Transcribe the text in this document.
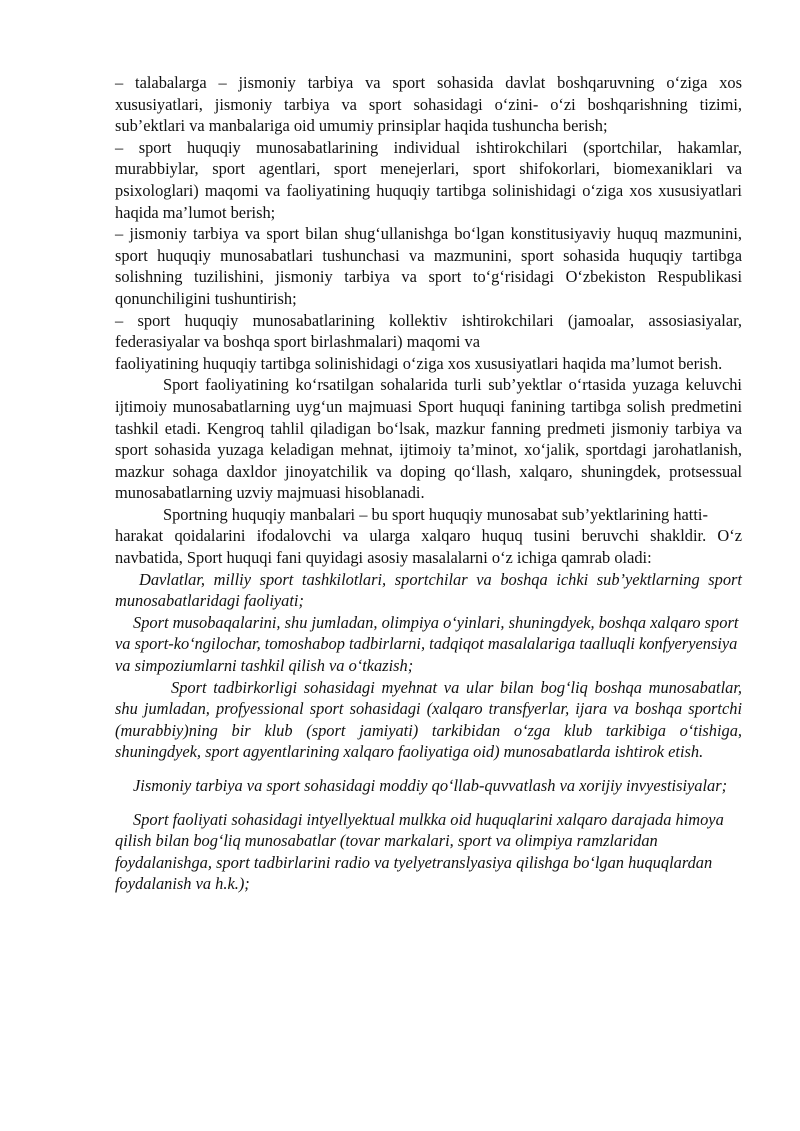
– talabalarga – jismoniy tarbiya va sport sohasida davlat boshqaruvning o‘ziga xos xususiyatlari, jismoniy tarbiya va sport sohasidagi o‘zini- o‘zi boshqarishning tizimi, sub’ektlari va manbalariga oid umumiy prinsiplar haqida tushuncha berish;

– sport huquqiy munosabatlarining individual ishtirokchilari (sportchilar, hakamlar, murabbiylar, sport agentlari, sport menejerlari, sport shifokorlari, biomexaniklari va psixologlari) maqomi va faoliyatining huquqiy tartibga solinishidagi o‘ziga xos xususiyatlari haqida ma’lumot berish;

– jismoniy tarbiya va sport bilan shug‘ullanishga bo‘lgan konstitusiyaviy huquq mazmunini, sport huquqiy munosabatlari tushunchasi va mazmunini, sport sohasida huquqiy tartibga solishning tuzilishini, jismoniy tarbiya va sport to‘g‘risidagi O‘zbekiston Respublikasi qonunchiligini tushuntirish;

– sport huquqiy munosabatlarining kollektiv ishtirokchilari (jamoalar, assosiasiyalar, federasiyalar va boshqa sport birlashmalari) maqomi va

faoliyatining huquqiy tartibga solinishidagi o‘ziga xos xususiyatlari haqida ma’lumot berish.

Sport faoliyatining ko‘rsatilgan sohalarida turli sub’yektlar o‘rtasida yuzaga keluvchi ijtimoiy munosabatlarning uyg‘un majmuasi Sport huquqi fanining tartibga solish predmetini tashkil etadi. Kengroq tahlil qiladigan bo‘lsak, mazkur fanning predmeti jismoniy tarbiya va sport sohasida yuzaga keladigan mehnat, ijtimoiy ta’minot, xo‘jalik, sportdagi jarohatlanish, mazkur sohaga daxldor jinoyatchilik va doping qo‘llash, xalqaro, shuningdek, protsessual munosabatlarning uzviy majmuasi hisoblanadi.

Sportning huquqiy manbalari – bu sport huquqiy munosabat sub’yektlarining hatti-

harakat qoidalarini ifodalovchi va ularga xalqaro huquq tusini beruvchi shakldir. O‘z navbatida, Sport huquqi fani quyidagi asosiy masalalarni o‘z ichiga qamrab oladi:

Davlatlar, milliy sport tashkilotlari, sportchilar va boshqa ichki sub’yektlarning sport munosabatlaridagi faoliyati;

Sport musobaqalarini, shu jumladan, olimpiya o‘yinlari, shuningdyek, boshqa xalqaro sport va sport-ko‘ngilochar, tomoshabop tadbirlarni, tadqiqot masalalariga taalluqli konfyeryensiya va simpoziumlarni tashkil qilish va o‘tkazish;

Sport tadbirkorligi sohasidagi myehnat va ular bilan bog‘liq boshqa munosabatlar, shu jumladan, profyessional sport sohasidagi (xalqaro transfyerlar, ijara va boshqa sportchi (murabbiy)ning bir klub (sport jamiyati) tarkibidan o‘zga klub tarkibiga o‘tishiga, shuningdyek, sport agyentlarining xalqaro faoliyatiga oid) munosabatlarda ishtirok etish.

Jismoniy tarbiya va sport sohasidagi moddiy qo‘llab-quvvatlash va xorijiy invyestisiyalar;

Sport faoliyati sohasidagi intyellyektual mulkka oid huquqlarini xalqaro darajada himoya qilish bilan bog‘liq munosabatlar (tovar markalari, sport va olimpiya ramzlaridan foydalanishga, sport tadbirlarini radio va tyelyetranslyasiya qilishga bo‘lgan huquqlardan foydalanish va h.k.);
